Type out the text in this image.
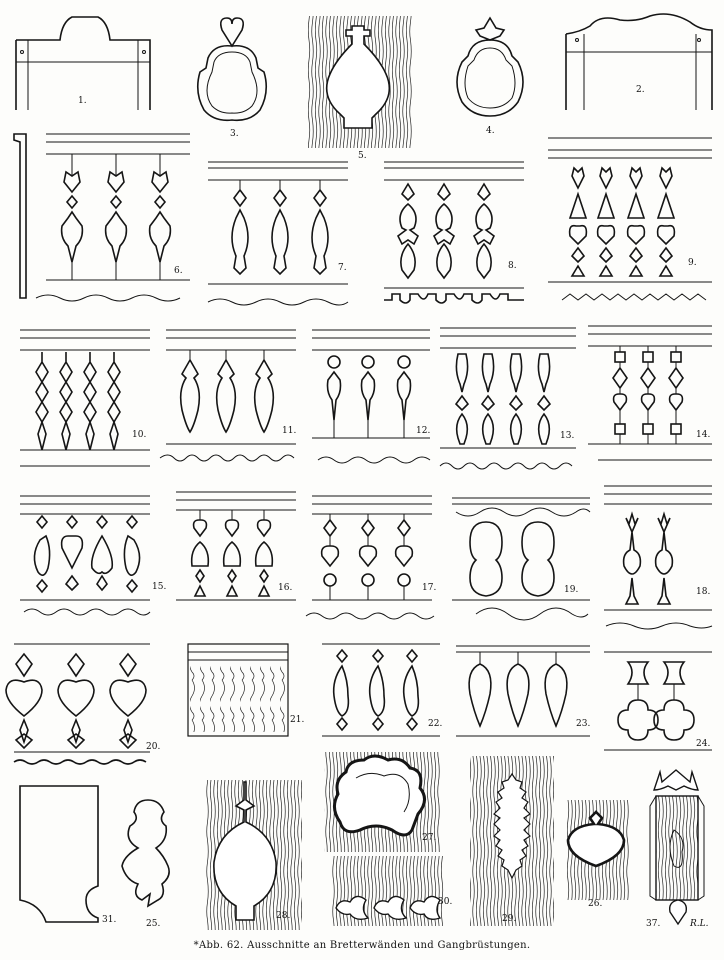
1.
3.
5.
4.
2.
6.	7.	8.	9.
10.	11.	12.	13.	14.
15.	16.	17.	19.	18.
20.
21.	22.	23.
24.
31.	25.
28.
27.
30.
29.
26.
37.	R.L.
*Abb. 62. Ausschnitte an Bretterwänden und Gangbrüstungen.
